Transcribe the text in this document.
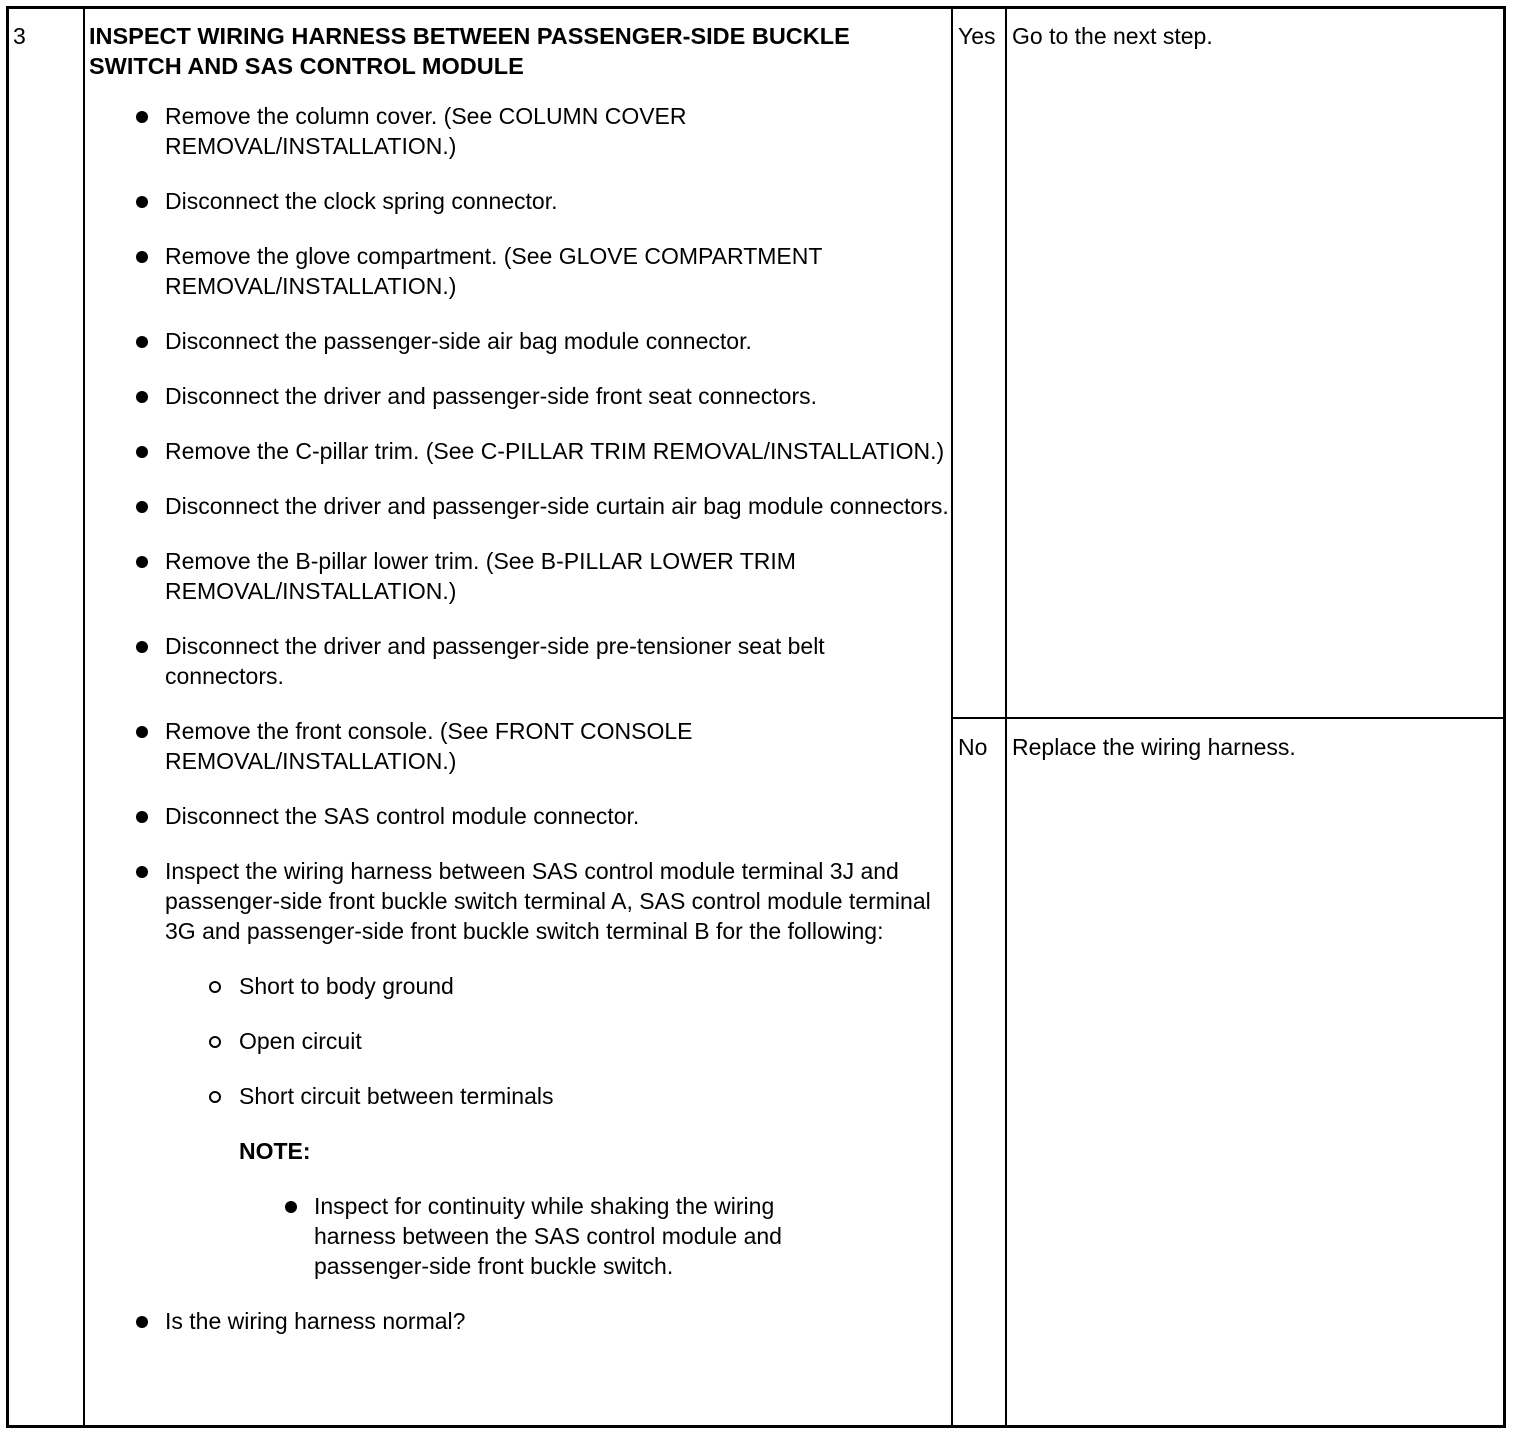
3	INSPECT WIRING HARNESS BETWEEN PASSENGER-SIDE BUCKLE SWITCH AND SAS CONTROL MODULE
Remove the column cover. (See COLUMN COVER REMOVAL/INSTALLATION.)
Disconnect the clock spring connector.
Remove the glove compartment. (See GLOVE COMPARTMENT REMOVAL/INSTALLATION.)
Disconnect the passenger-side air bag module connector.
Disconnect the driver and passenger-side front seat connectors.
Remove the C-pillar trim. (See C-PILLAR TRIM REMOVAL/INSTALLATION.)
Disconnect the driver and passenger-side curtain air bag module connectors.
Remove the B-pillar lower trim. (See B-PILLAR LOWER TRIM REMOVAL/INSTALLATION.)
Disconnect the driver and passenger-side pre-tensioner seat belt connectors.
Remove the front console. (See FRONT CONSOLE REMOVAL/INSTALLATION.)
Disconnect the SAS control module connector.
Inspect the wiring harness between SAS control module terminal 3J and passenger-side front buckle switch terminal A, SAS control module terminal 3G and passenger-side front buckle switch terminal B for the following:
Short to body ground
Open circuit
Short circuit between terminals
NOTE:
Inspect for continuity while shaking the wiring harness between the SAS control module and passenger-side front buckle switch.
Is the wiring harness normal?
Yes Go to the next step.
No Replace the wiring harness.
